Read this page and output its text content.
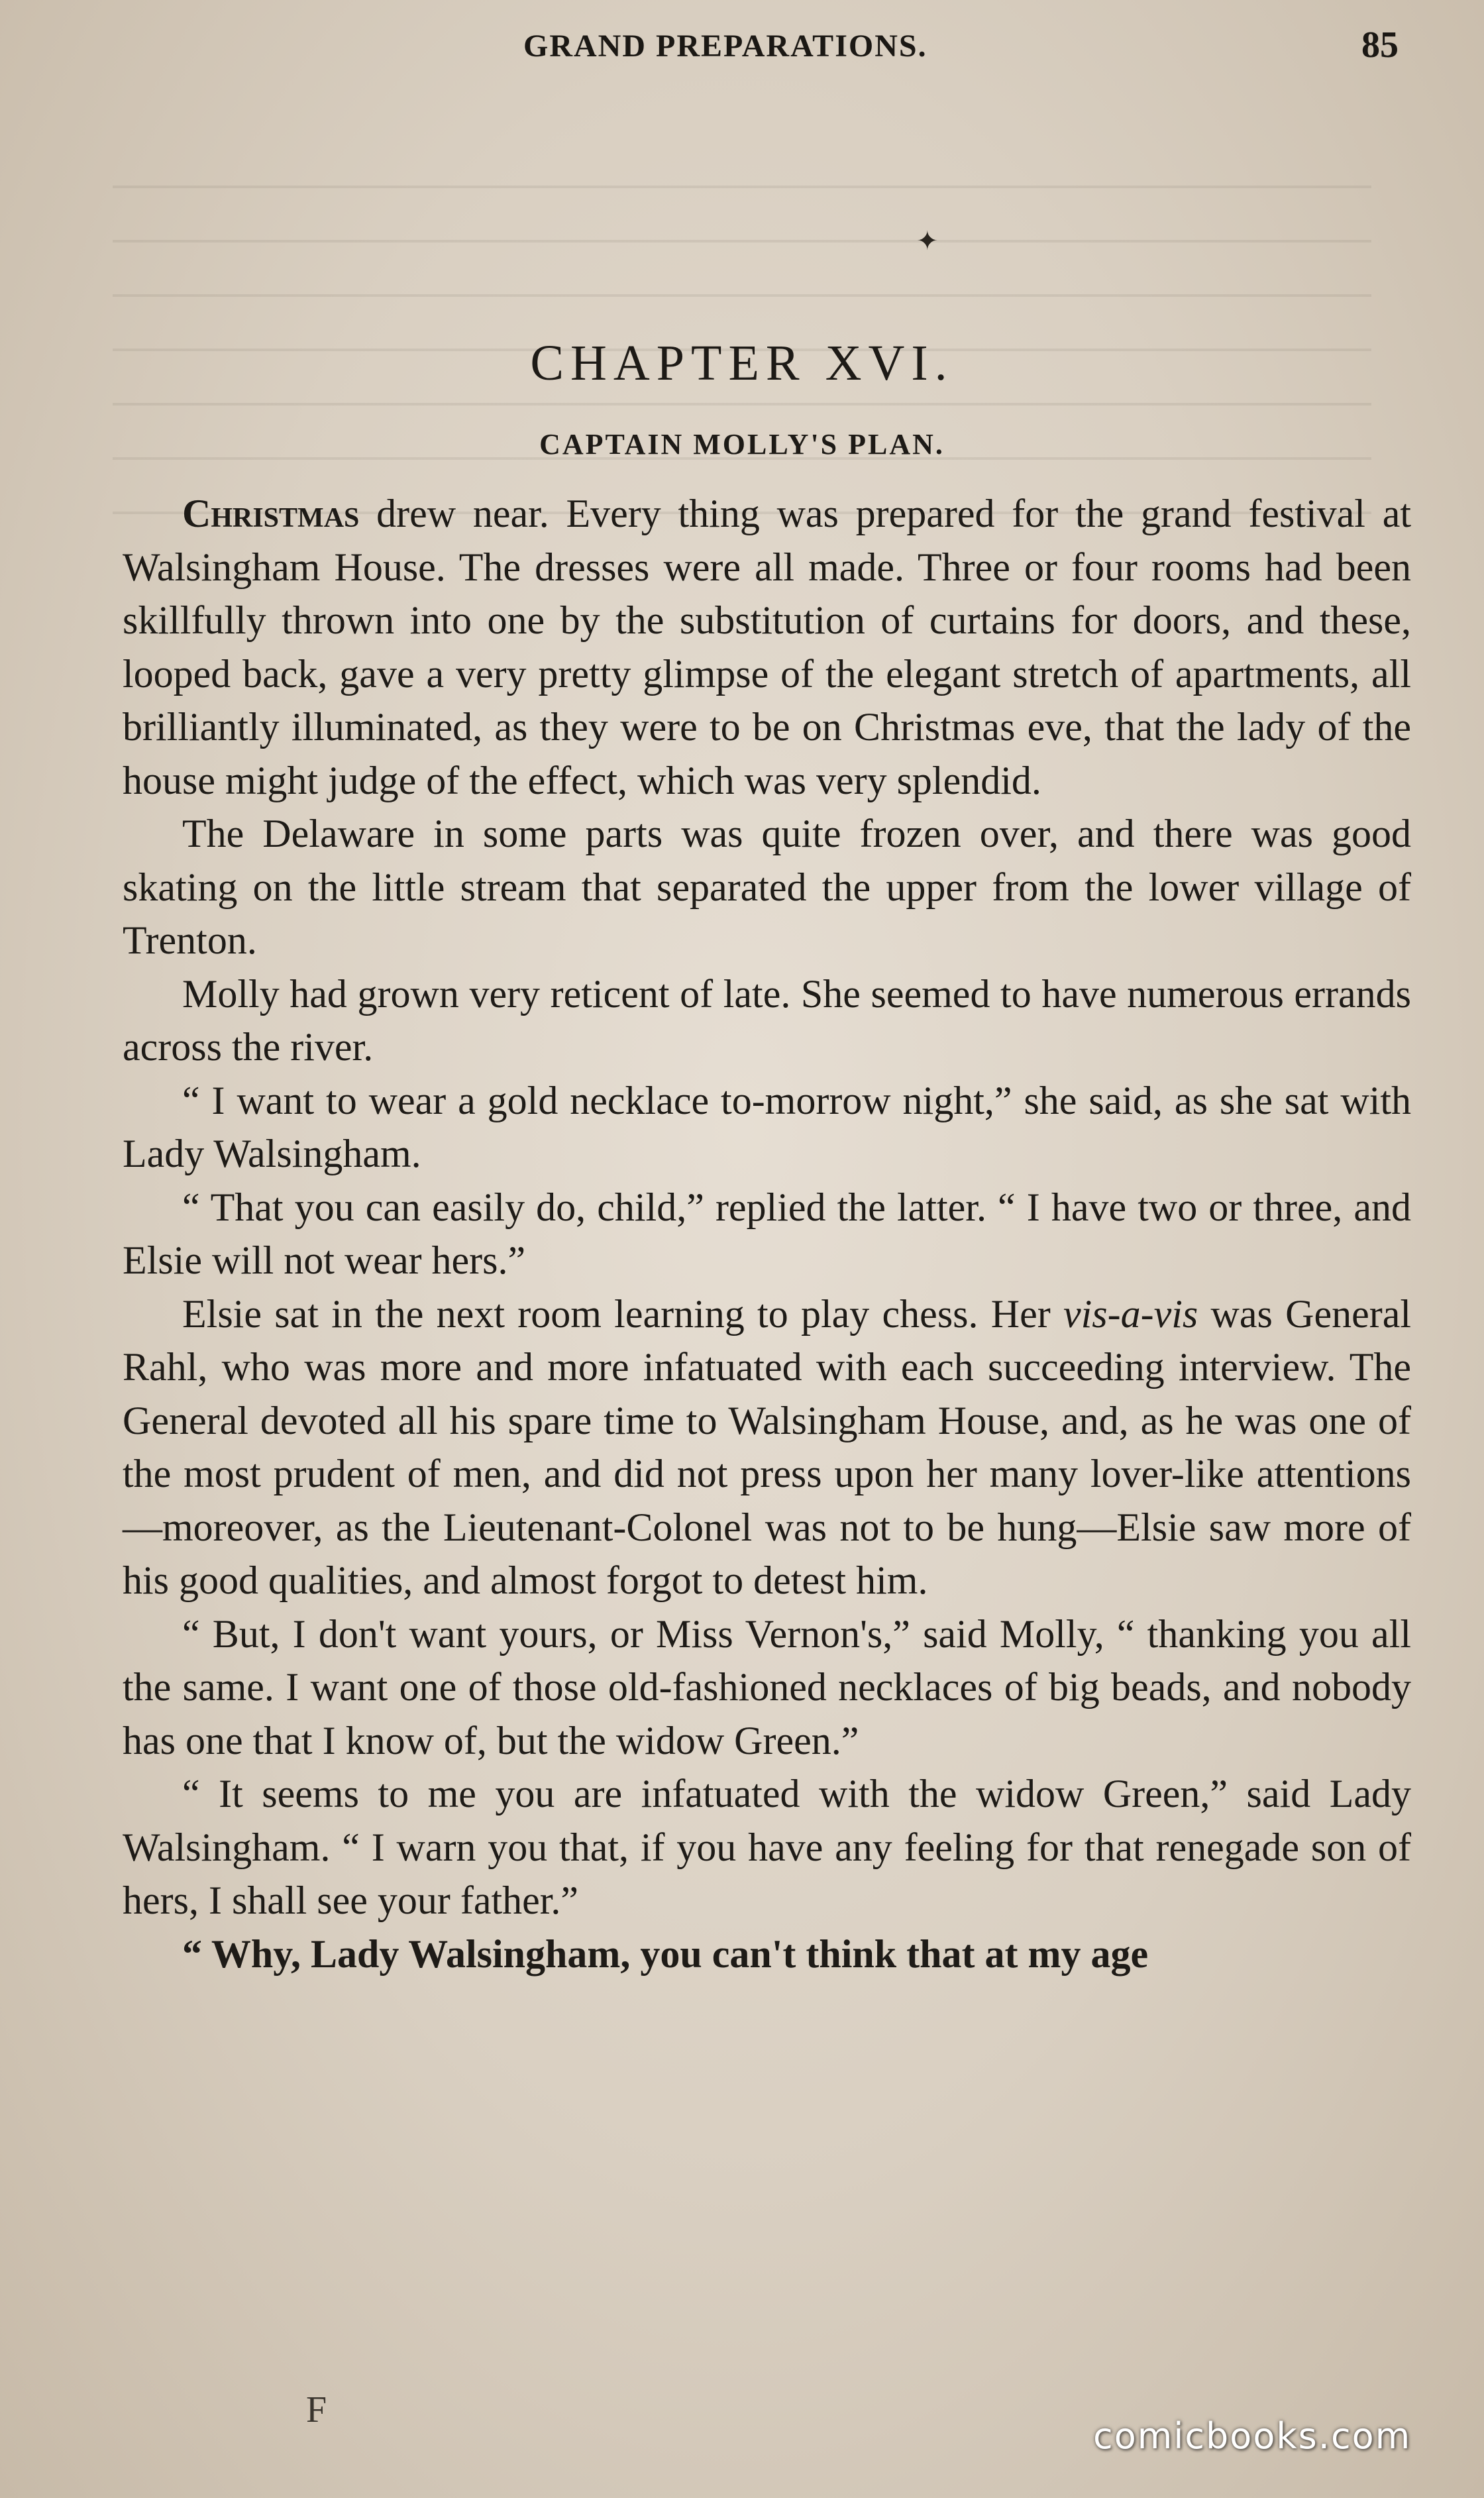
GRAND PREPARATIONS.	85
✦
CHAPTER XVI.
CAPTAIN MOLLY'S PLAN.

Christmas drew near. Every thing was prepared for the grand festival at Walsingham House. The dresses were all made. Three or four rooms had been skillfully thrown into one by the substitution of curtains for doors, and these, looped back, gave a very pretty glimpse of the elegant stretch of apartments, all brilliantly illuminated, as they were to be on Christmas eve, that the lady of the house might judge of the effect, which was very splendid.

The Delaware in some parts was quite frozen over, and there was good skating on the little stream that separated the upper from the lower village of Trenton.

Molly had grown very reticent of late. She seemed to have numerous errands across the river.

“ I want to wear a gold necklace to-morrow night,” she said, as she sat with Lady Walsingham.

“ That you can easily do, child,” replied the latter. “ I have two or three, and Elsie will not wear hers.”

Elsie sat in the next room learning to play chess. Her vis-a-vis was General Rahl, who was more and more infatuated with each succeeding interview. The General devoted all his spare time to Walsingham House, and, as he was one of the most prudent of men, and did not press upon her many lover-like attentions—moreover, as the Lieutenant-Colonel was not to be hung—Elsie saw more of his good qualities, and almost forgot to detest him.

“ But, I don't want yours, or Miss Vernon's,” said Molly, “ thanking you all the same. I want one of those old-fashioned necklaces of big beads, and nobody has one that I know of, but the widow Green.”

“ It seems to me you are infatuated with the widow Green,” said Lady Walsingham. “ I warn you that, if you have any feeling for that renegade son of hers, I shall see your father.”

“ Why, Lady Walsingham, you can't think that at my age

F
comicbooks.com
